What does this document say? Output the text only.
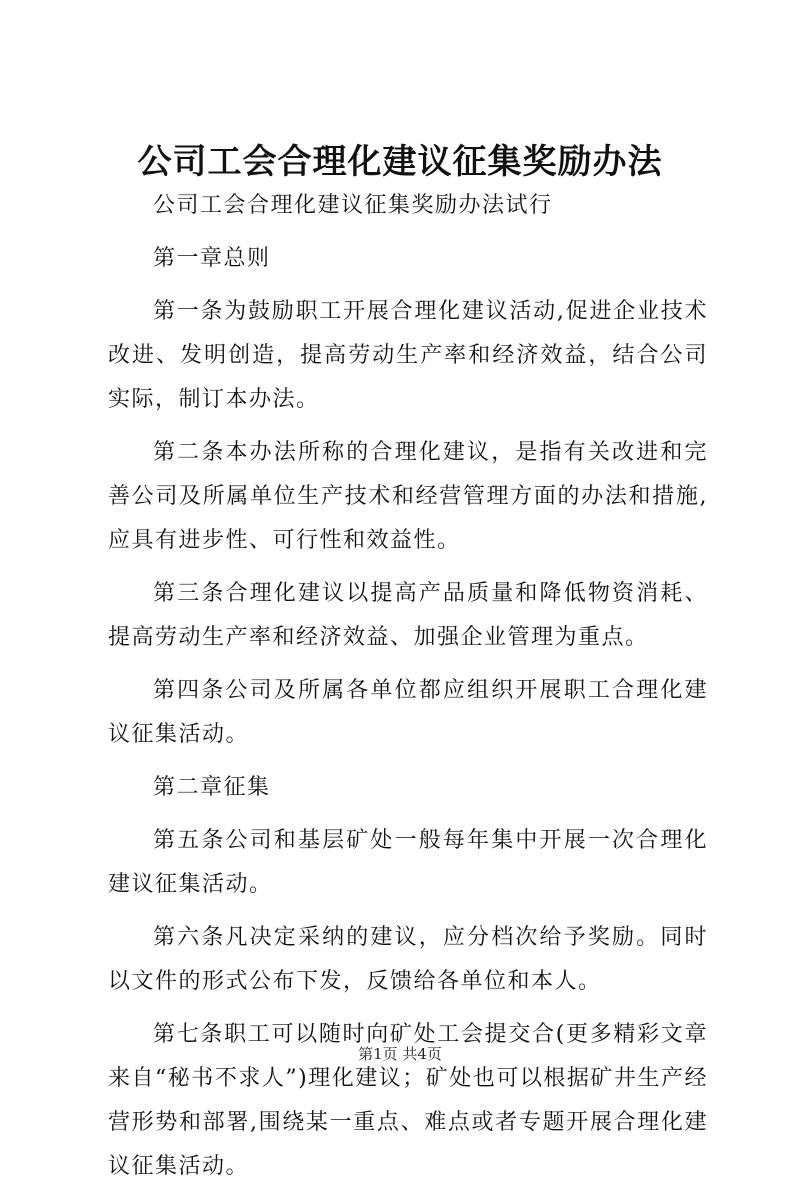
公司工会合理化建议征集奖励办法

公司工会合理化建议征集奖励办法试行

第一章总则

第一条为鼓励职工开展合理化建议活动,促进企业技术改进、发明创造，提高劳动生产率和经济效益，结合公司实际，制订本办法。

第二条本办法所称的合理化建议，是指有关改进和完善公司及所属单位生产技术和经营管理方面的办法和措施,应具有进步性、可行性和效益性。

第三条合理化建议以提高产品质量和降低物资消耗、提高劳动生产率和经济效益、加强企业管理为重点。

第四条公司及所属各单位都应组织开展职工合理化建议征集活动。

第二章征集

第五条公司和基层矿处一般每年集中开展一次合理化建议征集活动。

第六条凡决定采纳的建议，应分档次给予奖励。同时以文件的形式公布下发，反馈给各单位和本人。

第七条职工可以随时向矿处工会提交合(更多精彩文章来自“秘书不求人”)理化建议；矿处也可以根据矿井生产经营形势和部署,围绕某一重点、难点或者专题开展合理化建议征集活动。

第1页 共4页
